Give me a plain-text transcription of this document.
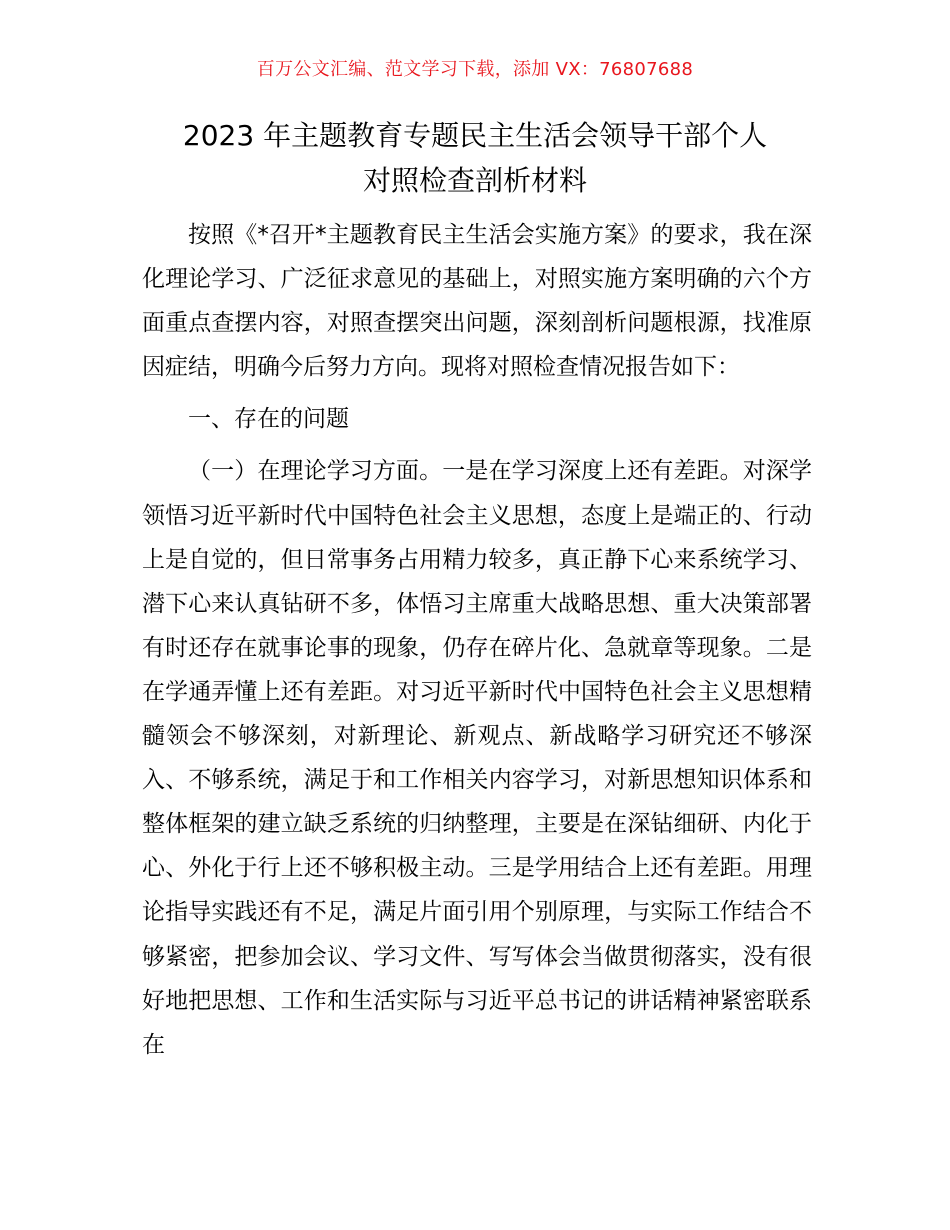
百万公文汇编、范文学习下载，添加 VX：76807688
2023 年主题教育专题民主生活会领导干部个人
对照检查剖析材料

按照《*召开*主题教育民主生活会实施方案》的要求，我在深化理论学习、广泛征求意见的基础上，对照实施方案明确的六个方面重点查摆内容，对照查摆突出问题，深刻剖析问题根源，找准原因症结，明确今后努力方向。现将对照检查情况报告如下：

一、存在的问题

（一）在理论学习方面。一是在学习深度上还有差距。对深学领悟习近平新时代中国特色社会主义思想，态度上是端正的、行动上是自觉的，但日常事务占用精力较多，真正静下心来系统学习、潜下心来认真钻研不多，体悟习主席重大战略思想、重大决策部署有时还存在就事论事的现象，仍存在碎片化、急就章等现象。二是在学通弄懂上还有差距。对习近平新时代中国特色社会主义思想精髓领会不够深刻，对新理论、新观点、新战略学习研究还不够深入、不够系统，满足于和工作相关内容学习，对新思想知识体系和整体框架的建立缺乏系统的归纳整理，主要是在深钻细研、内化于心、外化于行上还不够积极主动。三是学用结合上还有差距。用理论指导实践还有不足，满足片面引用个别原理，与实际工作结合不够紧密，把参加会议、学习文件、写写体会当做贯彻落实，没有很好地把思想、工作和生活实际与习近平总书记的讲话精神紧密联系在
